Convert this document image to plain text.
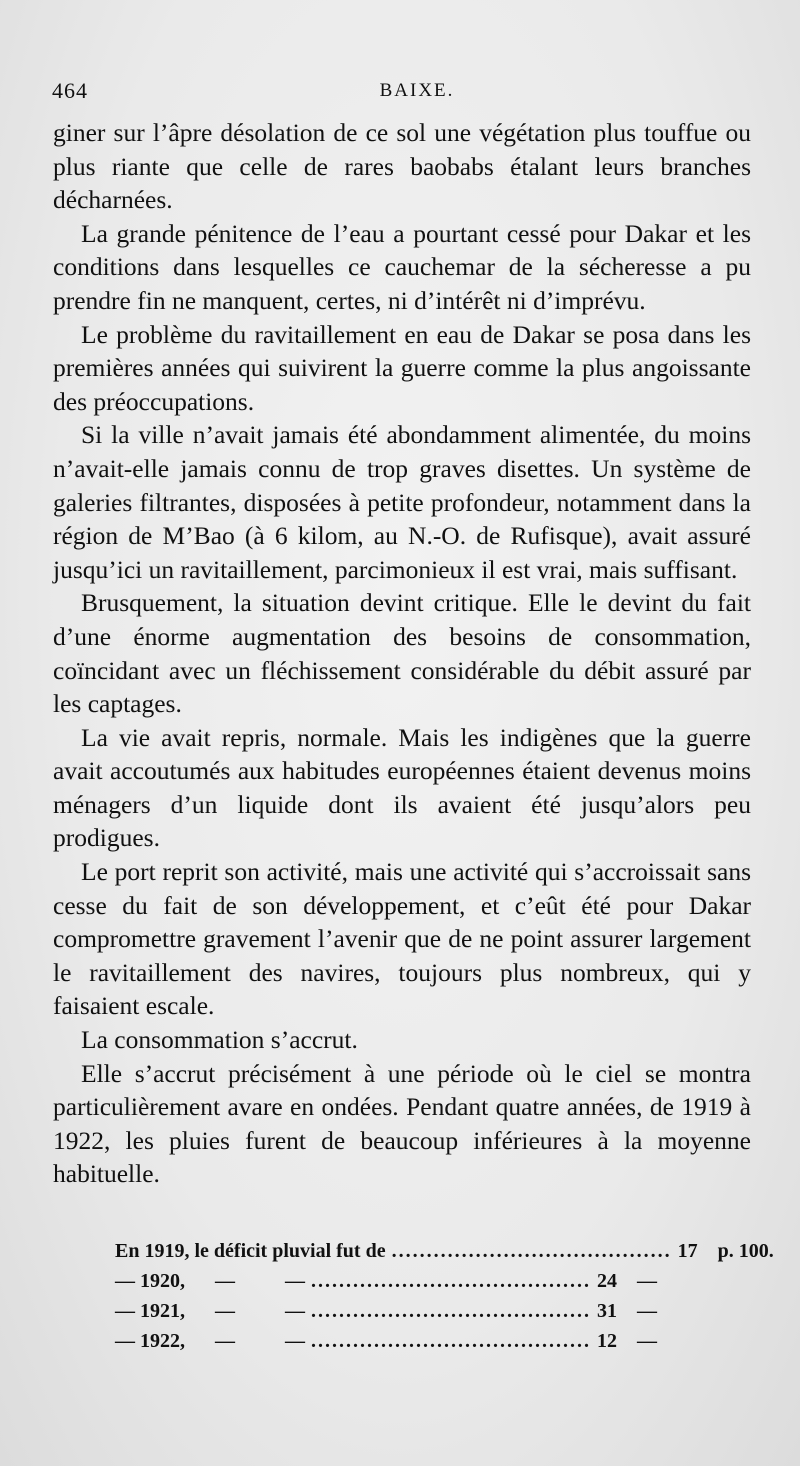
464	BAIXE.

giner sur l’âpre désolation de ce sol une végétation plus touffue ou plus riante que celle de rares baobabs étalant leurs branches décharnées.

La grande pénitence de l’eau a pourtant cessé pour Dakar et les conditions dans lesquelles ce cauchemar de la sécheresse a pu prendre fin ne manquent, certes, ni d’intérêt ni d’imprévu.

Le problème du ravitaillement en eau de Dakar se posa dans les premières années qui suivirent la guerre comme la plus angoissante des préoccupations.

Si la ville n’avait jamais été abondamment alimentée, du moins n’avait-elle jamais connu de trop graves disettes. Un système de galeries filtrantes, disposées à petite profondeur, notamment dans la région de M’Bao (à 6 kilom, au N.-O. de Rufisque), avait assuré jusqu’ici un ravitaillement, parcimonieux il est vrai, mais suffisant.

Brusquement, la situation devint critique. Elle le devint du fait d’une énorme augmentation des besoins de consommation, coïncidant avec un fléchissement considérable du débit assuré par les captages.

La vie avait repris, normale. Mais les indigènes que la guerre avait accoutumés aux habitudes européennes étaient devenus moins ménagers d’un liquide dont ils avaient été jusqu’alors peu prodigues.

Le port reprit son activité, mais une activité qui s’accroissait sans cesse du fait de son développement, et c’eût été pour Dakar compromettre gravement l’avenir que de ne point assurer largement le ravitaillement des navires, toujours plus nombreux, qui y faisaient escale.

La consommation s’accrut.

Elle s’accrut précisément à une période où le ciel se montra particulièrement avare en ondées. Pendant quatre années, de 1919 à 1922, les pluies furent de beaucoup inférieures à la moyenne habituelle.

En 1919, le déficit pluvial fut de ........................................ 17	p. 100.
— 1920, —          — ........................................ 24	—
— 1921, —          — ........................................ 31	—
— 1922, —          — ........................................ 12	—
